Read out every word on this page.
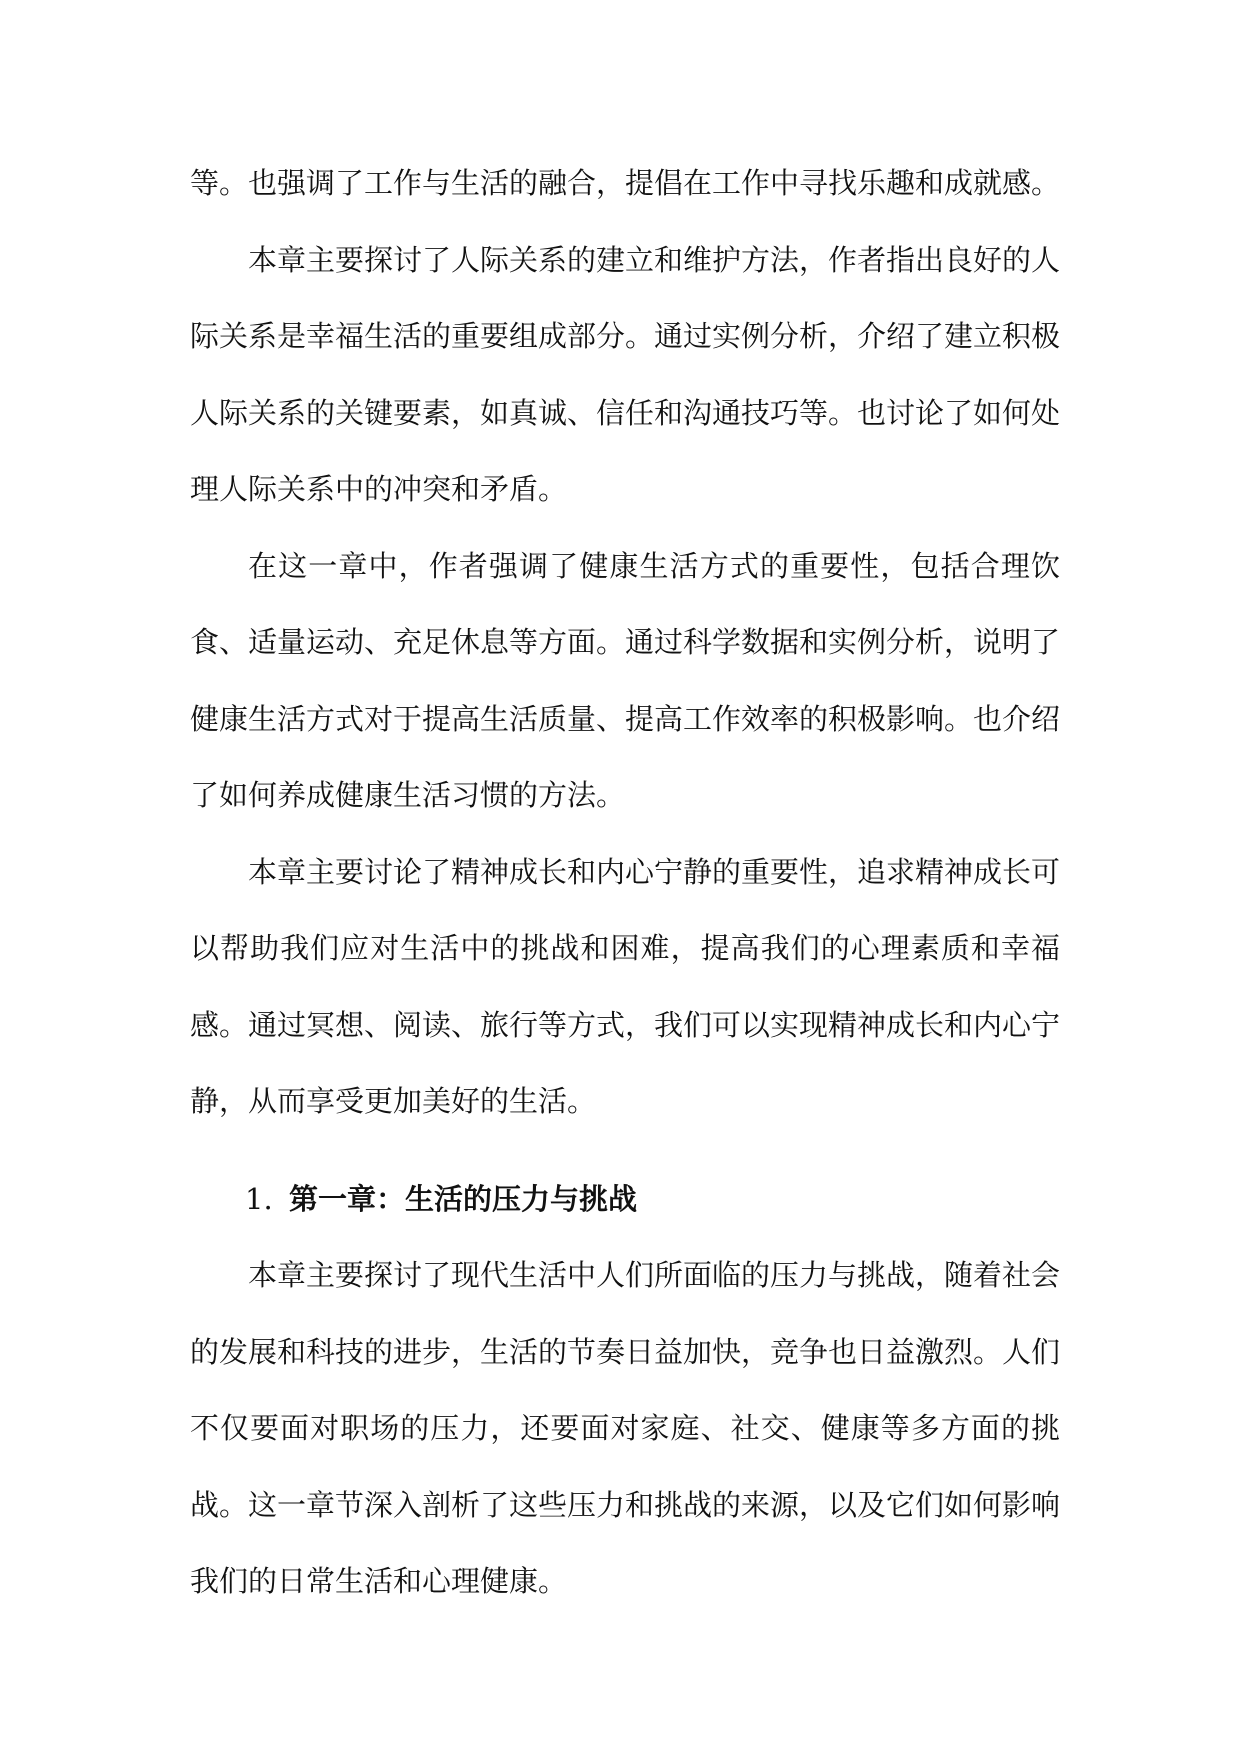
等。也强调了工作与生活的融合，提倡在工作中寻找乐趣和成就感。

本章主要探讨了人际关系的建立和维护方法，作者指出良好的人际关系是幸福生活的重要组成部分。通过实例分析，介绍了建立积极人际关系的关键要素，如真诚、信任和沟通技巧等。也讨论了如何处理人际关系中的冲突和矛盾。

在这一章中，作者强调了健康生活方式的重要性，包括合理饮食、适量运动、充足休息等方面。通过科学数据和实例分析，说明了健康生活方式对于提高生活质量、提高工作效率的积极影响。也介绍了如何养成健康生活习惯的方法。

本章主要讨论了精神成长和内心宁静的重要性，追求精神成长可以帮助我们应对生活中的挑战和困难，提高我们的心理素质和幸福感。通过冥想、阅读、旅行等方式，我们可以实现精神成长和内心宁静，从而享受更加美好的生活。

1. 第一章：生活的压力与挑战

本章主要探讨了现代生活中人们所面临的压力与挑战，随着社会的发展和科技的进步，生活的节奏日益加快，竞争也日益激烈。人们不仅要面对职场的压力，还要面对家庭、社交、健康等多方面的挑战。这一章节深入剖析了这些压力和挑战的来源，以及它们如何影响我们的日常生活和心理健康。
